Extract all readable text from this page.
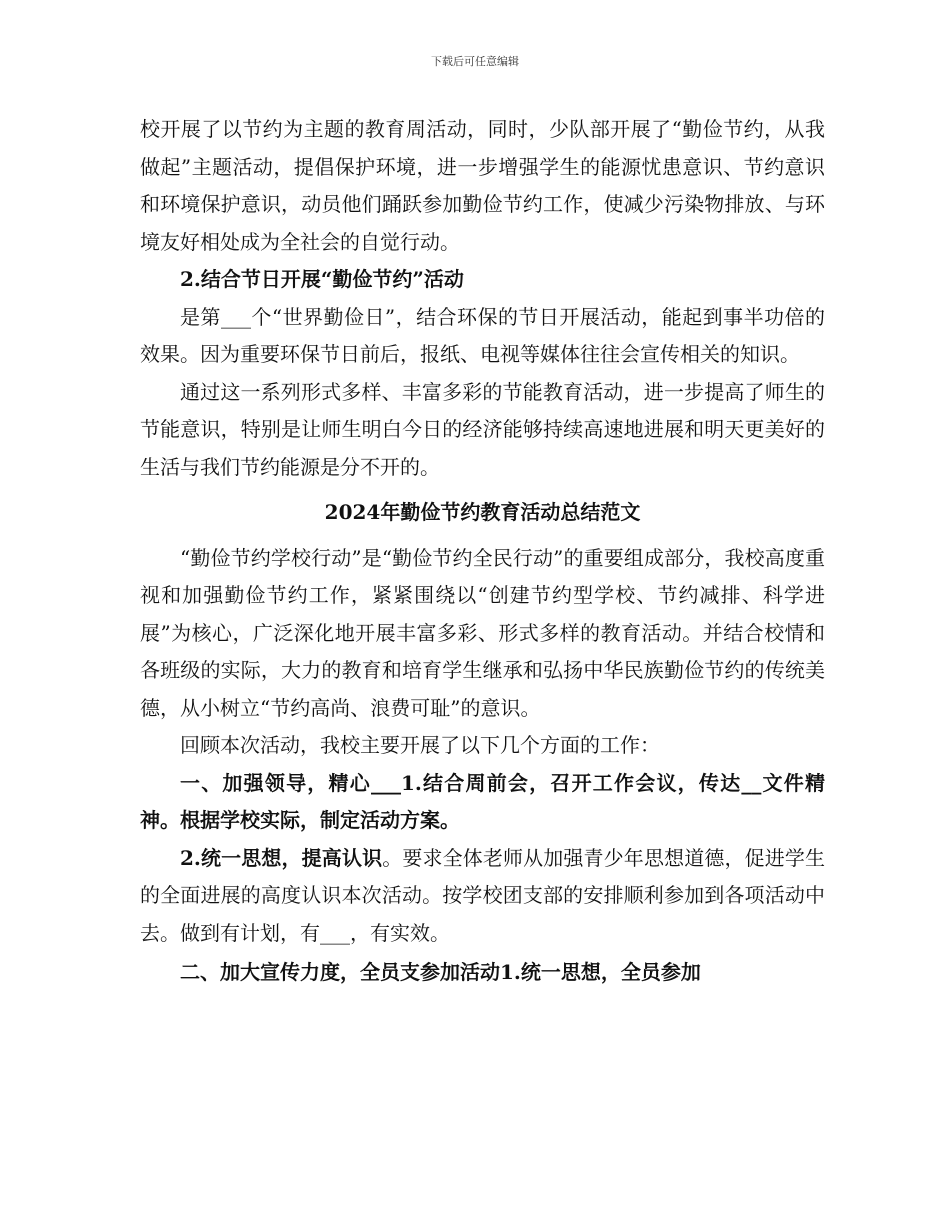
下载后可任意编辑

校开展了以节约为主题的教育周活动，同时，少队部开展了“勤俭节约，从我做起”主题活动，提倡保护环境，进一步增强学生的能源忧患意识、节约意识和环境保护意识，动员他们踊跃参加勤俭节约工作，使减少污染物排放、与环境友好相处成为全社会的自觉行动。

2.结合节日开展“勤俭节约”活动

是第___个“世界勤俭日”，结合环保的节日开展活动，能起到事半功倍的效果。因为重要环保节日前后，报纸、电视等媒体往往会宣传相关的知识。

通过这一系列形式多样、丰富多彩的节能教育活动，进一步提高了师生的节能意识，特别是让师生明白今日的经济能够持续高速地进展和明天更美好的生活与我们节约能源是分不开的。

2024年勤俭节约教育活动总结范文

“勤俭节约学校行动”是“勤俭节约全民行动”的重要组成部分，我校高度重视和加强勤俭节约工作，紧紧围绕以“创建节约型学校、节约减排、科学进展”为核心，广泛深化地开展丰富多彩、形式多样的教育活动。并结合校情和各班级的实际，大力的教育和培育学生继承和弘扬中华民族勤俭节约的传统美德，从小树立“节约高尚、浪费可耻”的意识。

回顾本次活动，我校主要开展了以下几个方面的工作：

一、加强领导，精心___1.结合周前会，召开工作会议，传达__文件精神。根据学校实际，制定活动方案。

2.统一思想，提高认识。要求全体老师从加强青少年思想道德，促进学生的全面进展的高度认识本次活动。按学校团支部的安排顺利参加到各项活动中去。做到有计划，有___，有实效。

二、加大宣传力度，全员支参加活动1.统一思想，全员参加
